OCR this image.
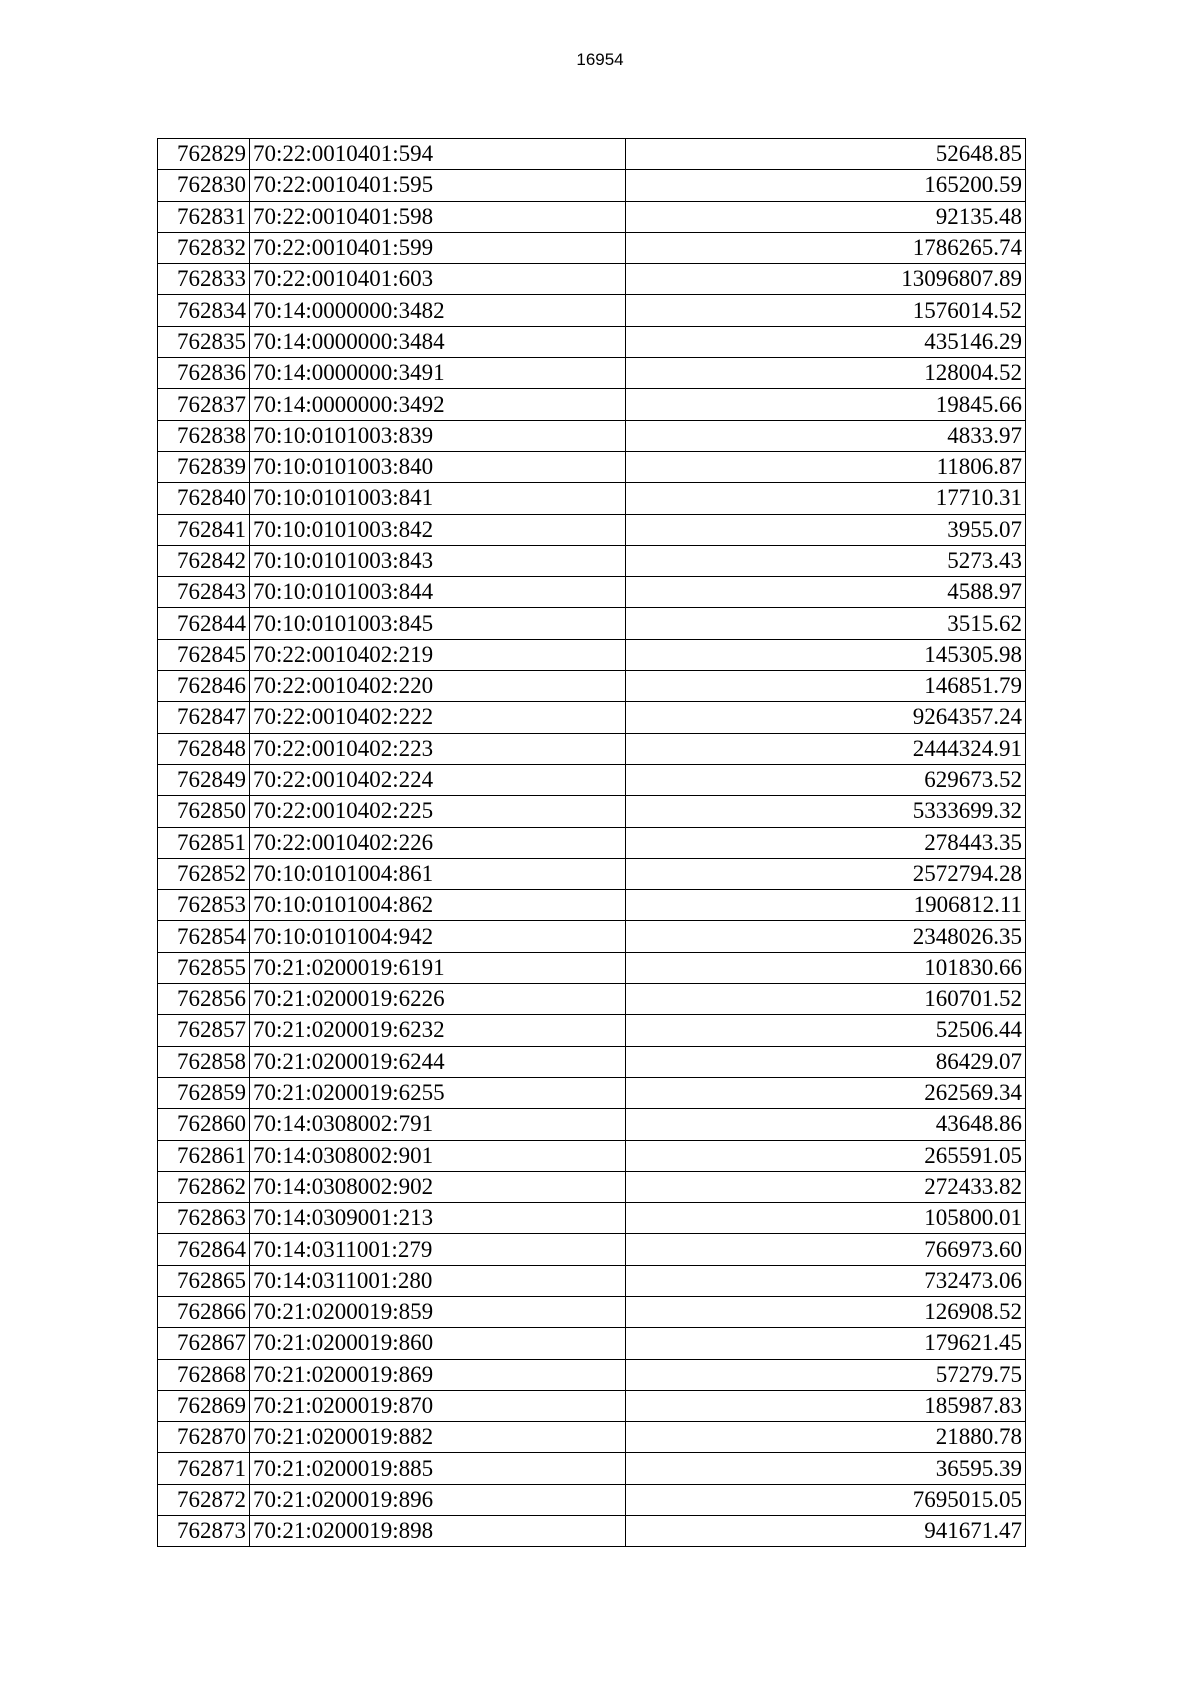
16954
762829	70:22:0010401:594	52648.85
762830	70:22:0010401:595	165200.59
762831	70:22:0010401:598	92135.48
762832	70:22:0010401:599	1786265.74
762833	70:22:0010401:603	13096807.89
762834	70:14:0000000:3482	1576014.52
762835	70:14:0000000:3484	435146.29
762836	70:14:0000000:3491	128004.52
762837	70:14:0000000:3492	19845.66
762838	70:10:0101003:839	4833.97
762839	70:10:0101003:840	11806.87
762840	70:10:0101003:841	17710.31
762841	70:10:0101003:842	3955.07
762842	70:10:0101003:843	5273.43
762843	70:10:0101003:844	4588.97
762844	70:10:0101003:845	3515.62
762845	70:22:0010402:219	145305.98
762846	70:22:0010402:220	146851.79
762847	70:22:0010402:222	9264357.24
762848	70:22:0010402:223	2444324.91
762849	70:22:0010402:224	629673.52
762850	70:22:0010402:225	5333699.32
762851	70:22:0010402:226	278443.35
762852	70:10:0101004:861	2572794.28
762853	70:10:0101004:862	1906812.11
762854	70:10:0101004:942	2348026.35
762855	70:21:0200019:6191	101830.66
762856	70:21:0200019:6226	160701.52
762857	70:21:0200019:6232	52506.44
762858	70:21:0200019:6244	86429.07
762859	70:21:0200019:6255	262569.34
762860	70:14:0308002:791	43648.86
762861	70:14:0308002:901	265591.05
762862	70:14:0308002:902	272433.82
762863	70:14:0309001:213	105800.01
762864	70:14:0311001:279	766973.60
762865	70:14:0311001:280	732473.06
762866	70:21:0200019:859	126908.52
762867	70:21:0200019:860	179621.45
762868	70:21:0200019:869	57279.75
762869	70:21:0200019:870	185987.83
762870	70:21:0200019:882	21880.78
762871	70:21:0200019:885	36595.39
762872	70:21:0200019:896	7695015.05
762873	70:21:0200019:898	941671.47
